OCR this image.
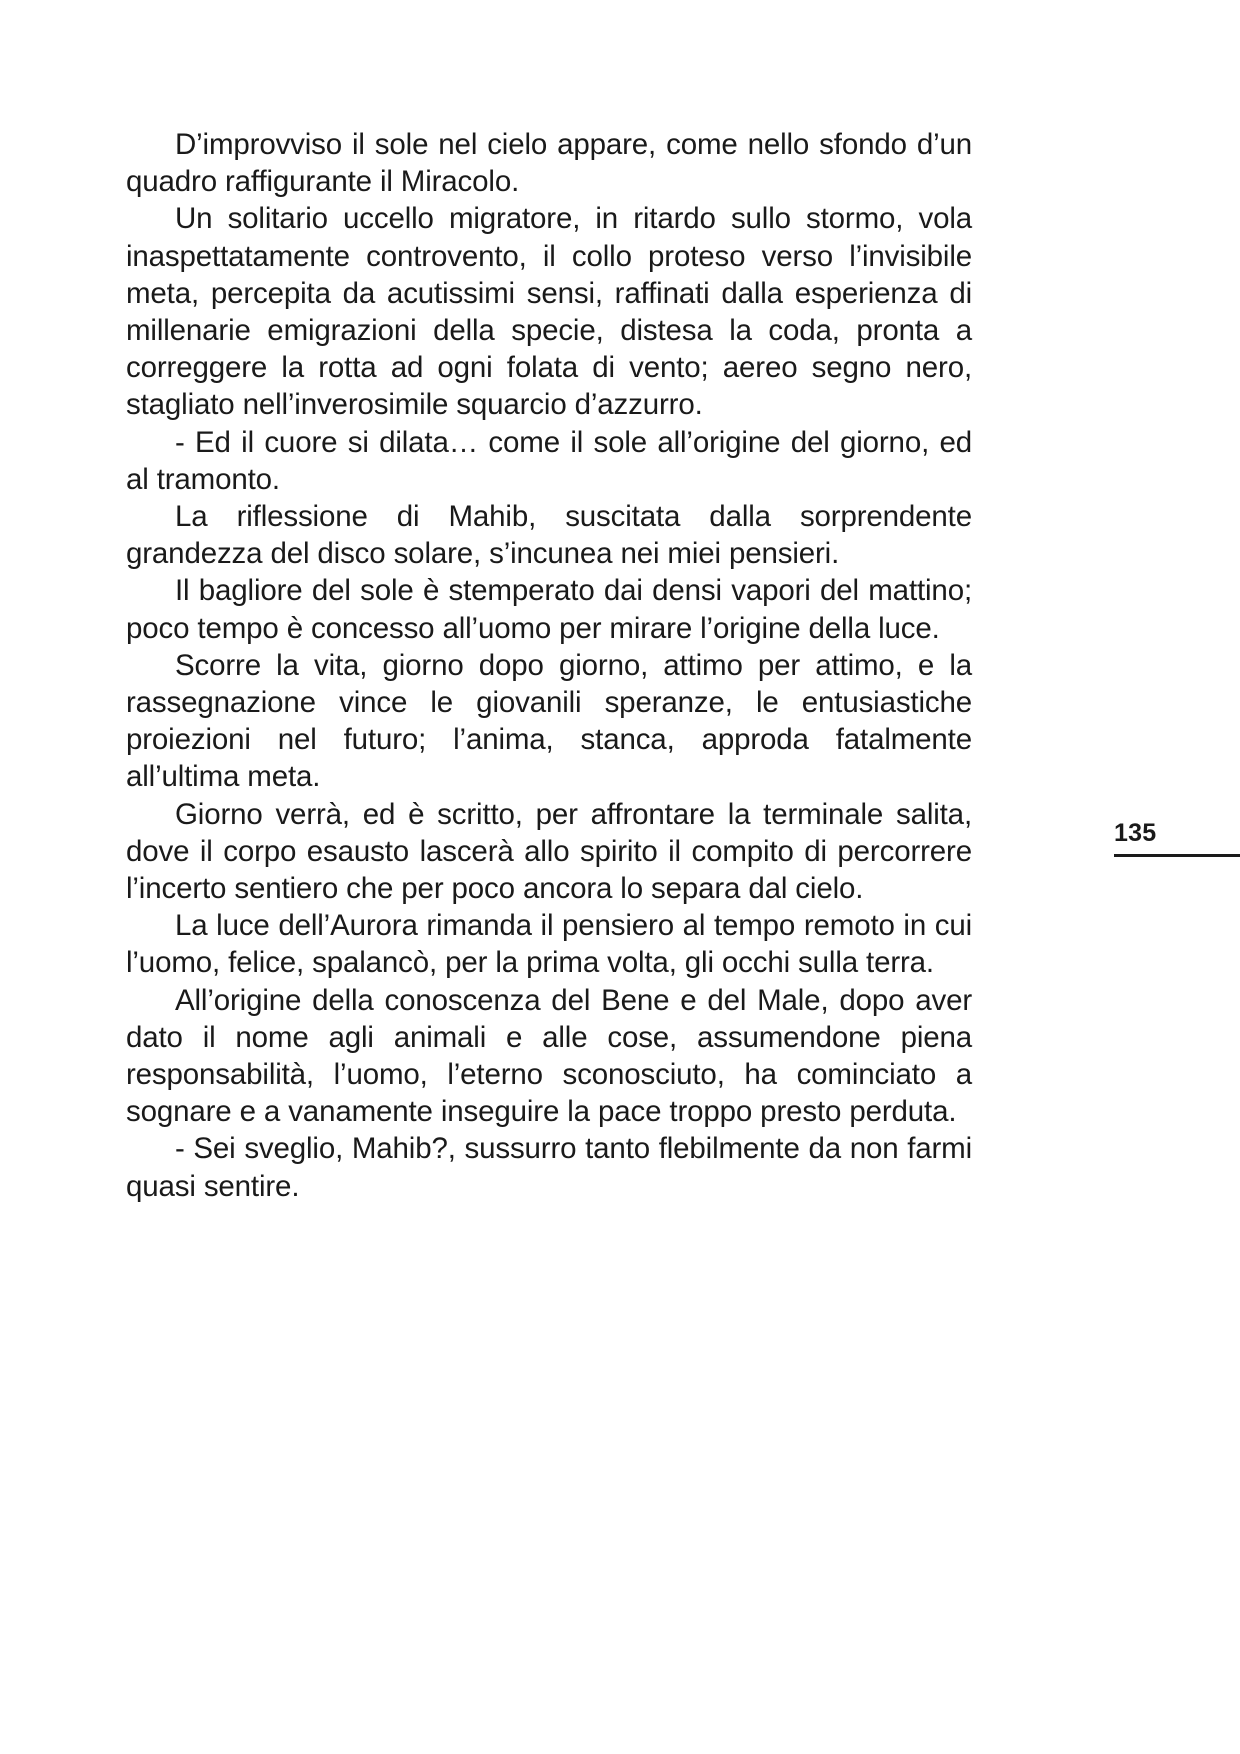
D’improvviso il sole nel cielo appare, come nello sfondo d’un quadro raffigurante il Miracolo.

Un solitario uccello migratore, in ritardo sullo stormo, vola inaspettatamente controvento, il collo proteso verso l’invisibile meta, percepita da acutissimi sensi, raffinati dalla esperienza di millenarie emigrazioni della specie, distesa la coda, pronta a correggere la rotta ad ogni folata di vento; aereo segno nero, stagliato nell’inverosimile squarcio d’azzurro.

- Ed il cuore si dilata… come il sole all’origine del giorno, ed al tramonto.

La riflessione di Mahib, suscitata dalla sorprendente grandezza del disco solare, s’incunea nei miei pensieri.

Il bagliore del sole è stemperato dai densi vapori del mattino; poco tempo è concesso all’uomo per mirare l’origine della luce.

Scorre la vita, giorno dopo giorno, attimo per attimo, e la rassegnazione vince le giovanili speranze, le entusiastiche proiezioni nel futuro; l’anima, stanca, approda fatalmente all’ultima meta.

Giorno verrà, ed è scritto, per affrontare la terminale salita, dove il corpo esausto lascerà allo spirito il compito di percorrere l’incerto sentiero che per poco ancora lo separa dal cielo.

La luce dell’Aurora rimanda il pensiero al tempo remoto in cui l’uomo, felice, spalancò, per la prima volta, gli occhi sulla terra.

All’origine della conoscenza del Bene e del Male, dopo aver dato il nome agli animali e alle cose, assumendone piena responsabilità, l’uomo, l’eterno sconosciuto, ha cominciato a sognare e a vanamente inseguire la pace troppo presto perduta.

- Sei sveglio, Mahib?, sussurro tanto flebilmente da non farmi quasi sentire.

135
